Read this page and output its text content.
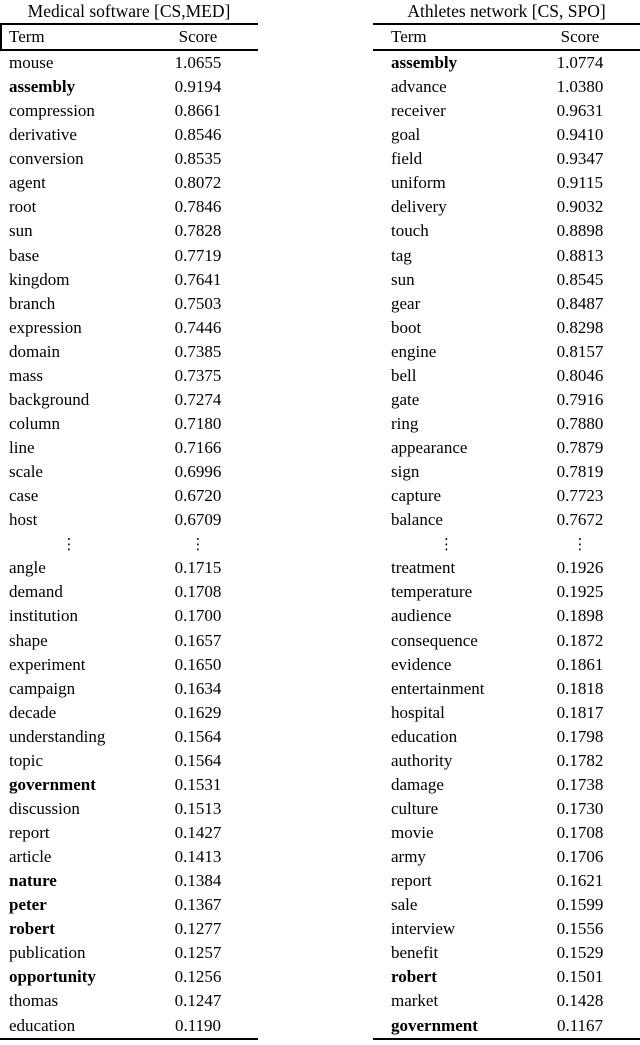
Medical software [CS,MED]
Term	Score
mouse	1.0655
assembly	0.9194
compression	0.8661
derivative	0.8546
conversion	0.8535
agent	0.8072
root	0.7846
sun	0.7828
base	0.7719
kingdom	0.7641
branch	0.7503
expression	0.7446
domain	0.7385
mass	0.7375
background	0.7274
column	0.7180
line	0.7166
scale	0.6996
case	0.6720
host	0.6709
⋮	⋮
angle	0.1715
demand	0.1708
institution	0.1700
shape	0.1657
experiment	0.1650
campaign	0.1634
decade	0.1629
understanding	0.1564
topic	0.1564
government	0.1531
discussion	0.1513
report	0.1427
article	0.1413
nature	0.1384
peter	0.1367
robert	0.1277
publication	0.1257
opportunity	0.1256
thomas	0.1247
education	0.1190
Athletes network [CS, SPO]
Term	Score
assembly	1.0774
advance	1.0380
receiver	0.9631
goal	0.9410
field	0.9347
uniform	0.9115
delivery	0.9032
touch	0.8898
tag	0.8813
sun	0.8545
gear	0.8487
boot	0.8298
engine	0.8157
bell	0.8046
gate	0.7916
ring	0.7880
appearance	0.7879
sign	0.7819
capture	0.7723
balance	0.7672
⋮	⋮
treatment	0.1926
temperature	0.1925
audience	0.1898
consequence	0.1872
evidence	0.1861
entertainment	0.1818
hospital	0.1817
education	0.1798
authority	0.1782
damage	0.1738
culture	0.1730
movie	0.1708
army	0.1706
report	0.1621
sale	0.1599
interview	0.1556
benefit	0.1529
robert	0.1501
market	0.1428
government	0.1167
